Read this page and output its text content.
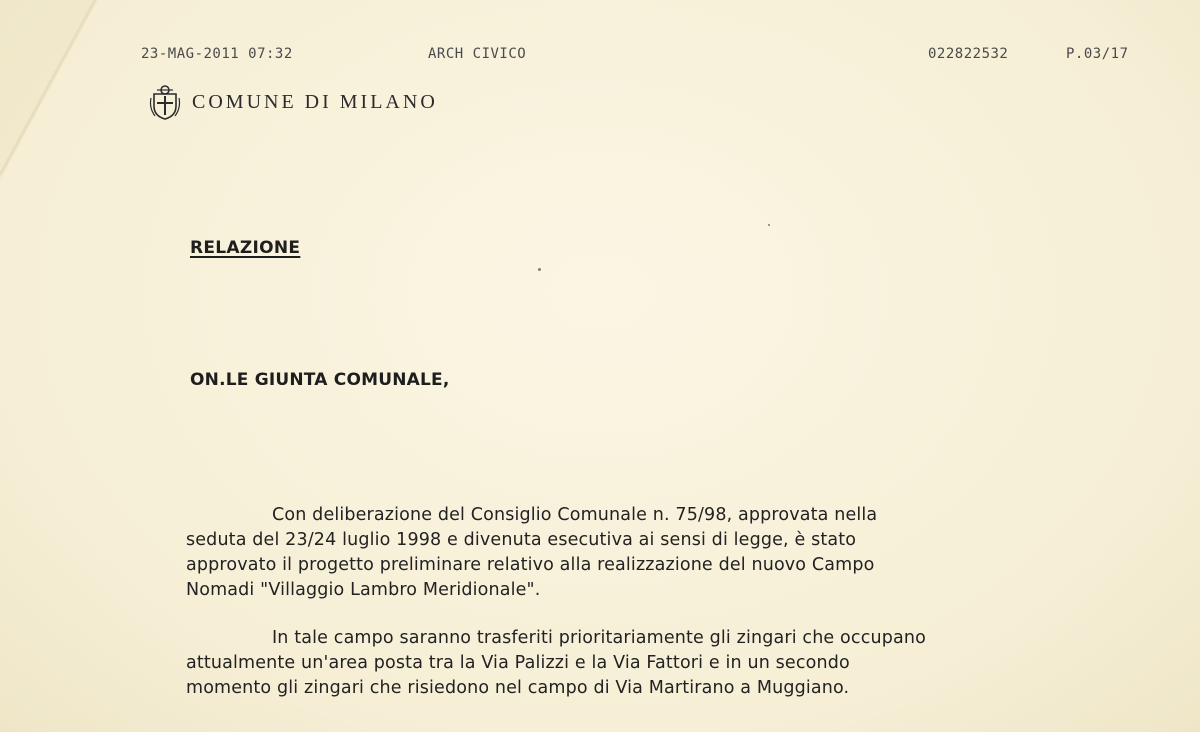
23-MAG-2011 07:32	ARCH CIVICO	022822532	P.03/17
COMUNE DI MILANO
RELAZIONE
ON.LE GIUNTA COMUNALE,
Con deliberazione del Consiglio Comunale n. 75/98, approvata nella
seduta del 23/24 luglio 1998 e divenuta esecutiva ai sensi di legge, è stato
approvato il progetto preliminare relativo alla realizzazione del nuovo Campo
Nomadi "Villaggio Lambro Meridionale".
In tale campo saranno trasferiti prioritariamente gli zingari che occupano
attualmente un'area posta tra la Via Palizzi e la Via Fattori e in un secondo
momento gli zingari che risiedono nel campo di Via Martirano a Muggiano.
